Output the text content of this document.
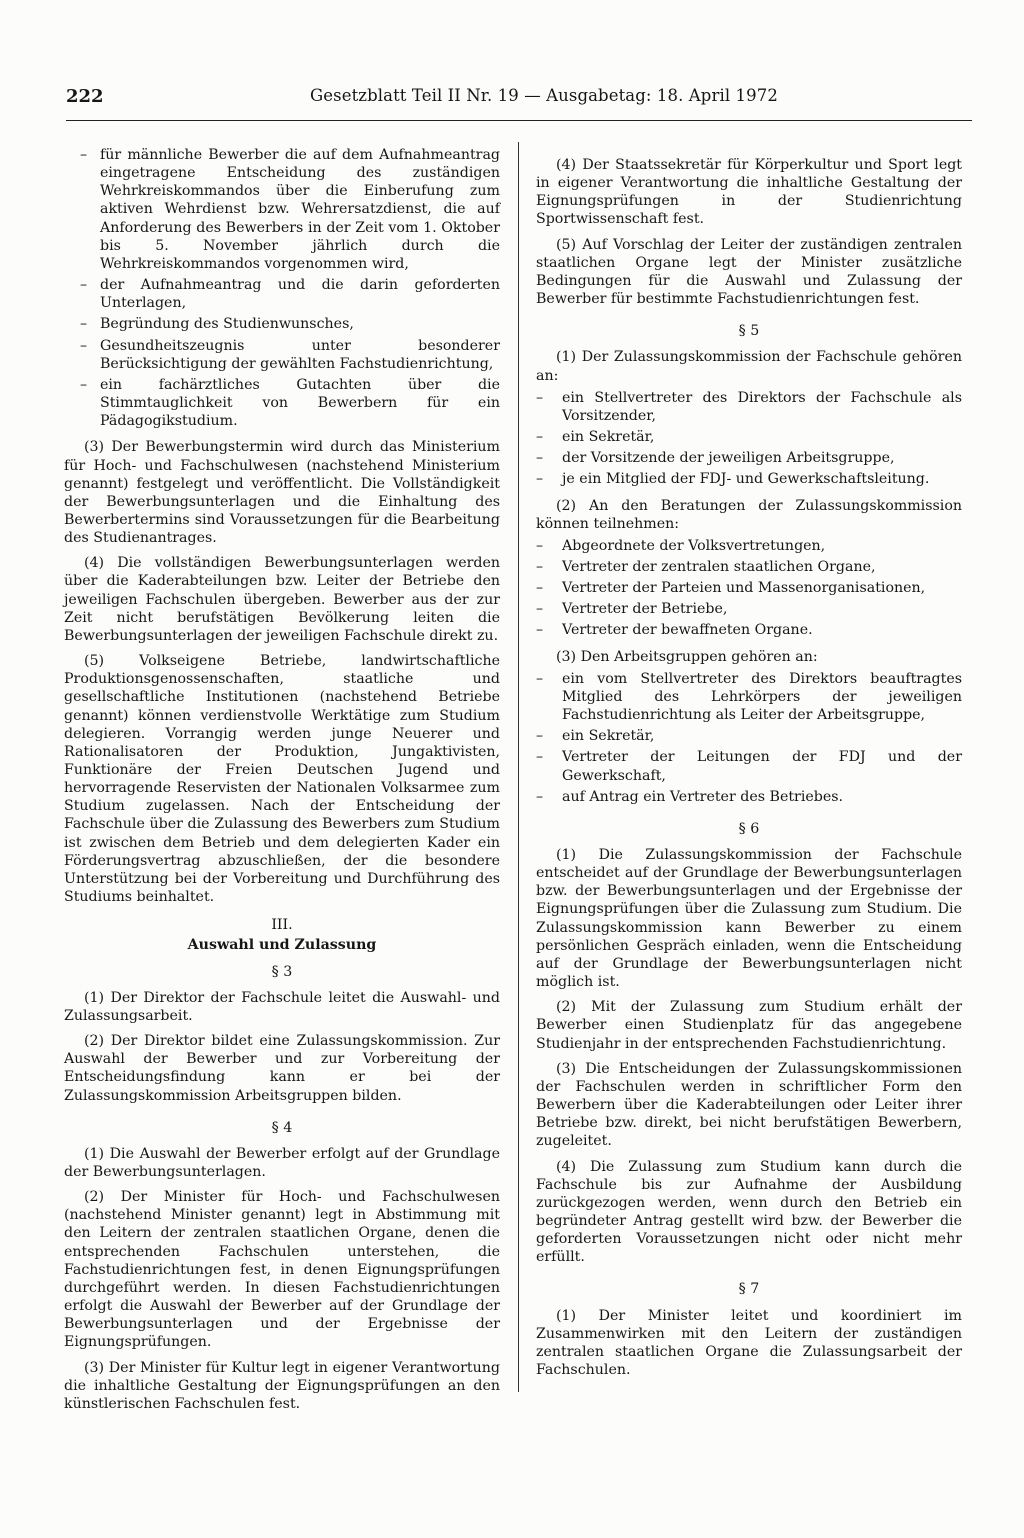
222	Gesetzblatt Teil II Nr. 19 — Ausgabetag: 18. April 1972
– für männliche Bewerber die auf dem Aufnahmeantrag eingetragene Entscheidung des zuständigen Wehrkreiskommandos über die Einberufung zum aktiven Wehrdienst bzw. Wehrersatzdienst, die auf Anforderung des Bewerbers in der Zeit vom 1. Oktober bis 5. November jährlich durch die Wehrkreiskommandos vorgenommen wird,
– der Aufnahmeantrag und die darin geforderten Unterlagen,
– Begründung des Studienwunsches,
– Gesundheitszeugnis unter besonderer Berücksichtigung der gewählten Fachstudienrichtung,
– ein fachärztliches Gutachten über die Stimmtauglichkeit von Bewerbern für ein Pädagogikstudium.

(3) Der Bewerbungstermin wird durch das Ministerium für Hoch- und Fachschulwesen (nachstehend Ministerium genannt) festgelegt und veröffentlicht. Die Vollständigkeit der Bewerbungsunterlagen und die Einhaltung des Bewerbertermins sind Voraussetzungen für die Bearbeitung des Studienantrages.

(4) Die vollständigen Bewerbungsunterlagen werden über die Kaderabteilungen bzw. Leiter der Betriebe den jeweiligen Fachschulen übergeben. Bewerber aus der zur Zeit nicht berufstätigen Bevölkerung leiten die Bewerbungsunterlagen der jeweiligen Fachschule direkt zu.

(5) Volkseigene Betriebe, landwirtschaftliche Produktionsgenossenschaften, staatliche und gesellschaftliche Institutionen (nachstehend Betriebe genannt) können verdienstvolle Werktätige zum Studium delegieren. Vorrangig werden junge Neuerer und Rationalisatoren der Produktion, Jungaktivisten, Funktionäre der Freien Deutschen Jugend und hervorragende Reservisten der Nationalen Volksarmee zum Studium zugelassen. Nach der Entscheidung der Fachschule über die Zulassung des Bewerbers zum Studium ist zwischen dem Betrieb und dem delegierten Kader ein Förderungsvertrag abzuschließen, der die besondere Unterstützung bei der Vorbereitung und Durchführung des Studiums beinhaltet.

III.
Auswahl und Zulassung
§ 3

(1) Der Direktor der Fachschule leitet die Auswahl- und Zulassungsarbeit.

(2) Der Direktor bildet eine Zulassungskommission. Zur Auswahl der Bewerber und zur Vorbereitung der Entscheidungsfindung kann er bei der Zulassungskommission Arbeitsgruppen bilden.

§ 4

(1) Die Auswahl der Bewerber erfolgt auf der Grundlage der Bewerbungsunterlagen.

(2) Der Minister für Hoch- und Fachschulwesen (nachstehend Minister genannt) legt in Abstimmung mit den Leitern der zentralen staatlichen Organe, denen die entsprechenden Fachschulen unterstehen, die Fachstudienrichtungen fest, in denen Eignungsprüfungen durchgeführt werden. In diesen Fachstudienrichtungen erfolgt die Auswahl der Bewerber auf der Grundlage der Bewerbungsunterlagen und der Ergebnisse der Eignungsprüfungen.

(3) Der Minister für Kultur legt in eigener Verantwortung die inhaltliche Gestaltung der Eignungsprüfungen an den künstlerischen Fachschulen fest.

(4) Der Staatssekretär für Körperkultur und Sport legt in eigener Verantwortung die inhaltliche Gestaltung der Eignungsprüfungen in der Studienrichtung Sportwissenschaft fest.

(5) Auf Vorschlag der Leiter der zuständigen zentralen staatlichen Organe legt der Minister zusätzliche Bedingungen für die Auswahl und Zulassung der Bewerber für bestimmte Fachstudienrichtungen fest.

§ 5

(1) Der Zulassungskommission der Fachschule gehören an:

–	ein Stellvertreter des Direktors der Fachschule als Vorsitzender,
–	ein Sekretär,
–	der Vorsitzende der jeweiligen Arbeitsgruppe,
–	je ein Mitglied der FDJ- und Gewerkschaftsleitung.

(2) An den Beratungen der Zulassungskommission können teilnehmen:

–	Abgeordnete der Volksvertretungen,
–	Vertreter der zentralen staatlichen Organe,
–	Vertreter der Parteien und Massenorganisationen,
–	Vertreter der Betriebe,
–	Vertreter der bewaffneten Organe.

(3) Den Arbeitsgruppen gehören an:

–	ein vom Stellvertreter des Direktors beauftragtes Mitglied des Lehrkörpers der jeweiligen Fachstudienrichtung als Leiter der Arbeitsgruppe,
–	ein Sekretär,
–	Vertreter der Leitungen der FDJ und der Gewerkschaft,
–	auf Antrag ein Vertreter des Betriebes.
§ 6

(1) Die Zulassungskommission der Fachschule entscheidet auf der Grundlage der Bewerbungsunterlagen bzw. der Bewerbungsunterlagen und der Ergebnisse der Eignungsprüfungen über die Zulassung zum Studium. Die Zulassungskommission kann Bewerber zu einem persönlichen Gespräch einladen, wenn die Entscheidung auf der Grundlage der Bewerbungsunterlagen nicht möglich ist.

(2) Mit der Zulassung zum Studium erhält der Bewerber einen Studienplatz für das angegebene Studienjahr in der entsprechenden Fachstudienrichtung.

(3) Die Entscheidungen der Zulassungskommissionen der Fachschulen werden in schriftlicher Form den Bewerbern über die Kaderabteilungen oder Leiter ihrer Betriebe bzw. direkt, bei nicht berufstätigen Bewerbern, zugeleitet.

(4) Die Zulassung zum Studium kann durch die Fachschule bis zur Aufnahme der Ausbildung zurückgezogen werden, wenn durch den Betrieb ein begründeter Antrag gestellt wird bzw. der Bewerber die geforderten Voraussetzungen nicht oder nicht mehr erfüllt.

§ 7

(1) Der Minister leitet und koordiniert im Zusammenwirken mit den Leitern der zuständigen zentralen staatlichen Organe die Zulassungsarbeit der Fachschulen.
